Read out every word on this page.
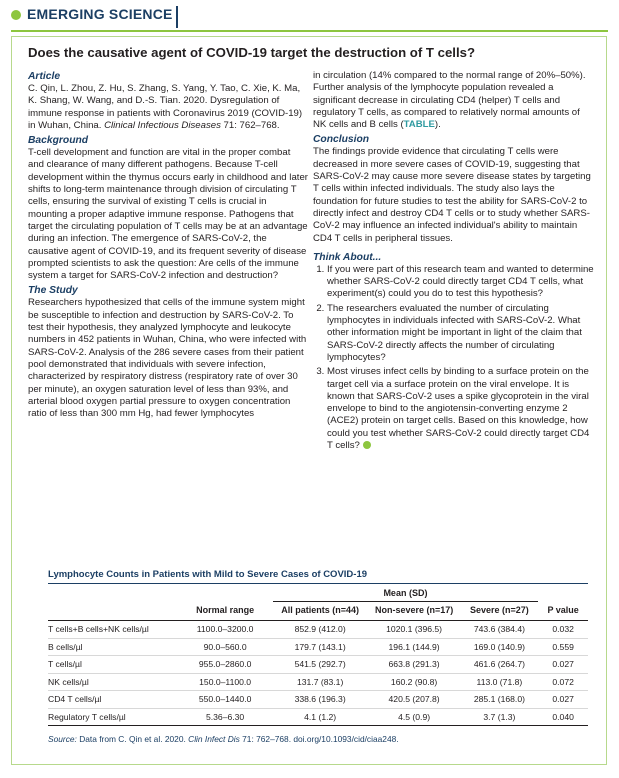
EMERGING SCIENCE
Does the causative agent of COVID-19 target the destruction of T cells?

Article

C. Qin, L. Zhou, Z. Hu, S. Zhang, S. Yang, Y. Tao, C. Xie, K. Ma, K. Shang, W. Wang, and D.-S. Tian. 2020. Dysregulation of immune response in patients with Coronavirus 2019 (COVID-19) in Wuhan, China. Clinical Infectious Diseases 71: 762–768.

Background

T-cell development and function are vital in the proper combat and clearance of many different pathogens. Because T-cell development within the thymus occurs early in childhood and later shifts to long-term maintenance through division of circulating T cells, ensuring the survival of existing T cells is crucial in mounting a proper adaptive immune response. Pathogens that target the circulating population of T cells may be at an advantage during an infection. The emergence of SARS-CoV-2, the causative agent of COVID-19, and its frequent severity of disease prompted scientists to ask the question: Are cells of the immune system a target for SARS-CoV-2 infection and destruction?

The Study

Researchers hypothesized that cells of the immune system might be susceptible to infection and destruction by SARS-CoV-2. To test their hypothesis, they analyzed lymphocyte and leukocyte numbers in 452 patients in Wuhan, China, who were infected with SARS-CoV-2. Analysis of the 286 severe cases from their patient pool demonstrated that individuals with severe infection, characterized by respiratory distress (respiratory rate of over 30 per minute), an oxygen saturation level of less than 93%, and arterial blood oxygen partial pressure to oxygen concentration ratio of less than 300 mm Hg, had fewer lymphocytes

in circulation (14% compared to the normal range of 20%–50%). Further analysis of the lymphocyte population revealed a significant decrease in circulating CD4 (helper) T cells and regulatory T cells, as compared to relatively normal amounts of NK cells and B cells (TABLE).

Conclusion

The findings provide evidence that circulating T cells were decreased in more severe cases of COVID-19, suggesting that SARS-CoV-2 may cause more severe disease states by targeting T cells within infected individuals. The study also lays the foundation for future studies to test the ability for SARS-CoV-2 to directly infect and destroy CD4 T cells or to study whether SARS-CoV-2 may influence an infected individual's ability to maintain CD4 T cells in peripheral tissues.

Think About...

1. If you were part of this research team and wanted to determine whether SARS-CoV-2 could directly target CD4 T cells, what experiment(s) could you do to test this hypothesis?
2. The researchers evaluated the number of circulating lymphocytes in individuals infected with SARS-CoV-2. What other information might be important in light of the claim that SARS-CoV-2 directly affects the number of circulating lymphocytes?
3. Most viruses infect cells by binding to a surface protein on the target cell via a surface protein on the viral envelope. It is known that SARS-CoV-2 uses a spike glycoprotein in the viral envelope to bind to the angiotensin-converting enzyme 2 (ACE2) protein on target cells. Based on this knowledge, how could you test whether SARS-CoV-2 could directly target CD4 T cells?
Lymphocyte Counts in Patients with Mild to Severe Cases of COVID-19
		Mean (SD)			
	Normal range	All patients (n=44)	Non-severe (n=17)	Severe (n=27)	P value
T cells+B cells+NK cells/µl	1100.0–3200.0	852.9 (412.0)	1020.1 (396.5)	743.6 (384.4)	0.032
B cells/µl	90.0–560.0	179.7 (143.1)	196.1 (144.9)	169.0 (140.9)	0.559
T cells/µl	955.0–2860.0	541.5 (292.7)	663.8 (291.3)	461.6 (264.7)	0.027
NK cells/µl	150.0–1100.0	131.7 (83.1)	160.2 (90.8)	113.0 (71.8)	0.072
CD4 T cells/µl	550.0–1440.0	338.6 (196.3)	420.5 (207.8)	285.1 (168.0)	0.027
Regulatory T cells/µl	5.36–6.30	4.1 (1.2)	4.5 (0.9)	3.7 (1.3)	0.040
Source: Data from C. Qin et al. 2020. Clin Infect Dis 71: 762–768. doi.org/10.1093/cid/ciaa248.
